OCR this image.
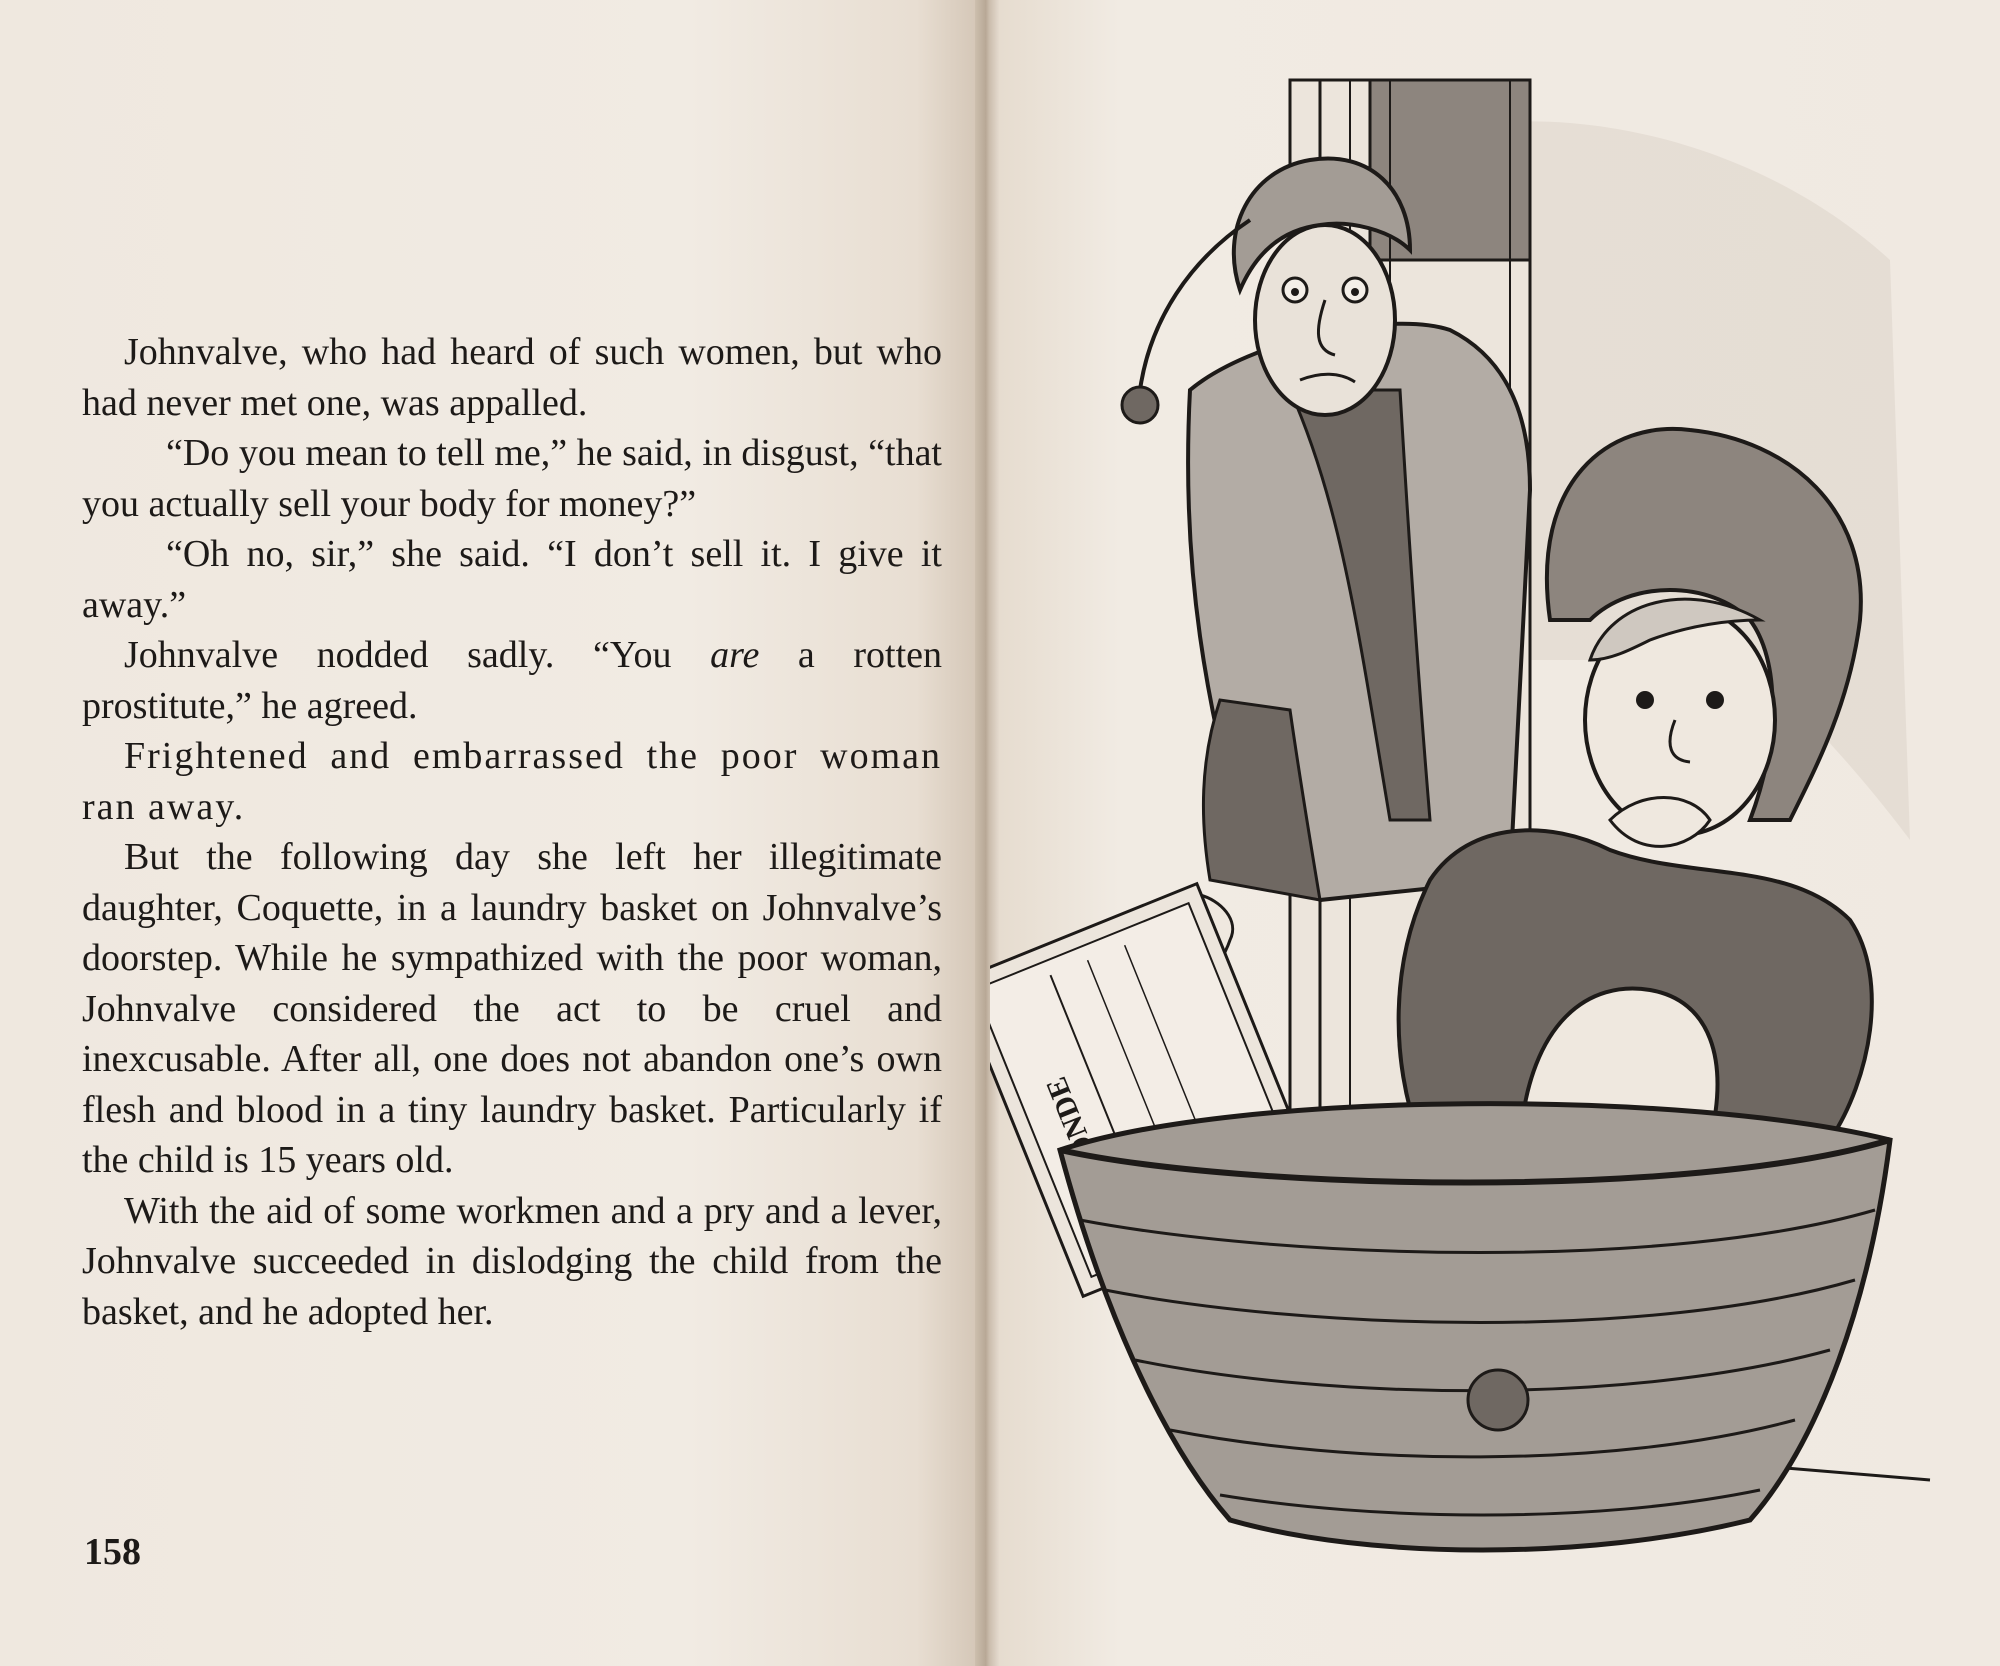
Johnvalve, who had heard of such women, but who had never met one, was appalled.

“Do you mean to tell me,” he said, in disgust, “that you actually sell your body for money?”

“Oh no, sir,” she said. “I don’t sell it. I give it away.”

Johnvalve nodded sadly. “You are a rotten prostitute,” he agreed.

Frightened and embarrassed the poor woman ran away.

But the following day she left her illegitimate daughter, Coquette, in a laundry basket on Johnvalve’s doorstep. While he sympathized with the poor woman, Johnvalve considered the act to be cruel and inexcusable. After all, one does not abandon one’s own flesh and blood in a tiny laundry basket. Particularly if the child is 15 years old.

With the aid of some workmen and a pry and a lever, Johnvalve succeeded in dislodging the child from the basket, and he adopted her.

158
MONDE
